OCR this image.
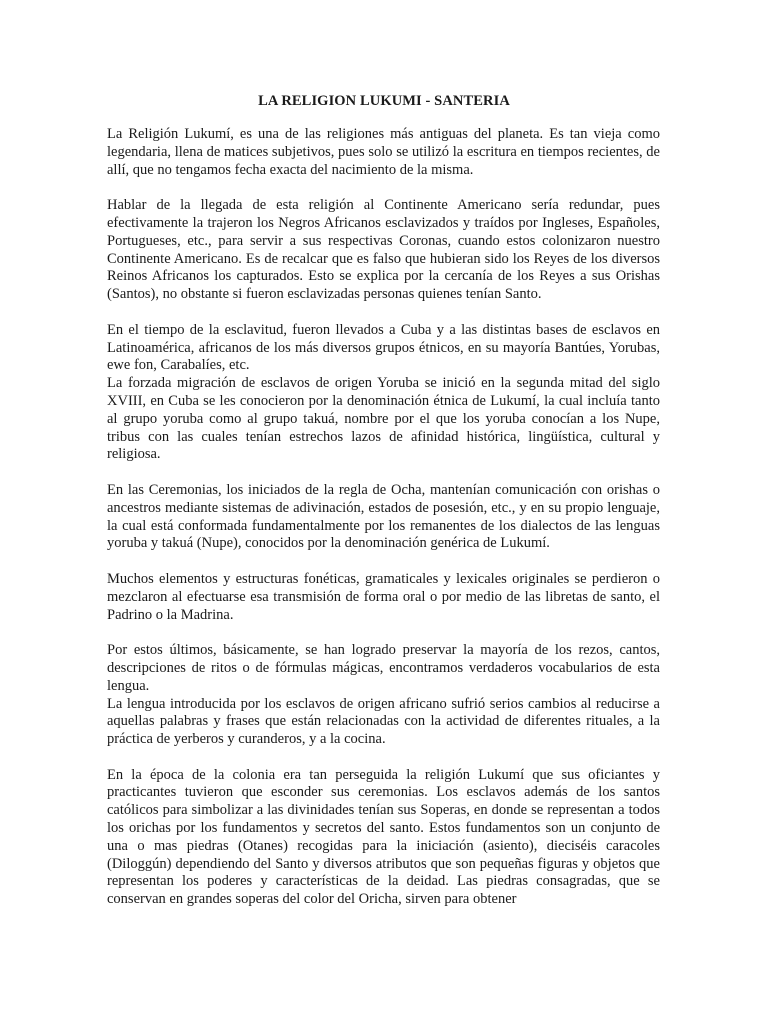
LA RELIGION LUKUMI - SANTERIA

La Religión Lukumí, es una de las religiones más antiguas del planeta. Es tan vieja como legendaria, llena de matices subjetivos, pues solo se utilizó la escritura en tiempos recientes, de allí, que no tengamos fecha exacta del nacimiento de la misma.

Hablar de la llegada de esta religión al Continente Americano sería redundar, pues efectivamente la trajeron los Negros Africanos esclavizados y traídos por Ingleses, Españoles, Portugueses, etc., para servir a sus respectivas Coronas, cuando estos colonizaron nuestro Continente Americano. Es de recalcar que es falso que hubieran sido los Reyes de los diversos Reinos Africanos los capturados. Esto se explica por la cercanía de los Reyes a sus Orishas (Santos), no obstante si fueron esclavizadas personas quienes tenían Santo.

En el tiempo de la esclavitud, fueron llevados a Cuba y a las distintas bases de esclavos en Latinoamérica, africanos de los más diversos grupos étnicos, en su mayoría Bantúes, Yorubas, ewe fon, Carabalíes, etc.

La forzada migración de esclavos de origen Yoruba se inició en la segunda mitad del siglo XVIII, en Cuba se les conocieron por la denominación étnica de Lukumí, la cual incluía tanto al grupo yoruba como al grupo takuá, nombre por el que los yoruba conocían a los Nupe, tribus con las cuales tenían estrechos lazos de afinidad histórica, lingüística, cultural y religiosa.

En las Ceremonias, los iniciados de la regla de Ocha, mantenían comunicación con orishas o ancestros mediante sistemas de adivinación, estados de posesión, etc., y en su propio lenguaje, la cual está conformada fundamentalmente por los remanentes de los dialectos de las lenguas yoruba y takuá (Nupe), conocidos por la denominación genérica de Lukumí.

Muchos elementos y estructuras fonéticas, gramaticales y lexicales originales se perdieron o mezclaron al efectuarse esa transmisión de forma oral o por medio de las libretas de santo, el Padrino o la Madrina.

Por estos últimos, básicamente, se han logrado preservar la mayoría de los rezos, cantos, descripciones de ritos o de fórmulas mágicas, encontramos verdaderos vocabularios de esta lengua.

La lengua introducida por los esclavos de origen africano sufrió serios cambios al reducirse a aquellas palabras y frases que están relacionadas con la actividad de diferentes rituales, a la práctica de yerberos y curanderos, y a la cocina.

En la época de la colonia era tan perseguida la religión Lukumí que sus oficiantes y practicantes tuvieron que esconder sus ceremonias. Los esclavos además de los santos católicos para simbolizar a las divinidades tenían sus Soperas, en donde se representan a todos los orichas por los fundamentos y secretos del santo. Estos fundamentos son un conjunto de una o mas piedras (Otanes) recogidas para la iniciación (asiento), dieciséis caracoles (Diloggún) dependiendo del Santo y diversos atributos que son pequeñas figuras y objetos que representan los poderes y características de la deidad. Las piedras consagradas, que se conservan en grandes soperas del color del Oricha, sirven para obtener
